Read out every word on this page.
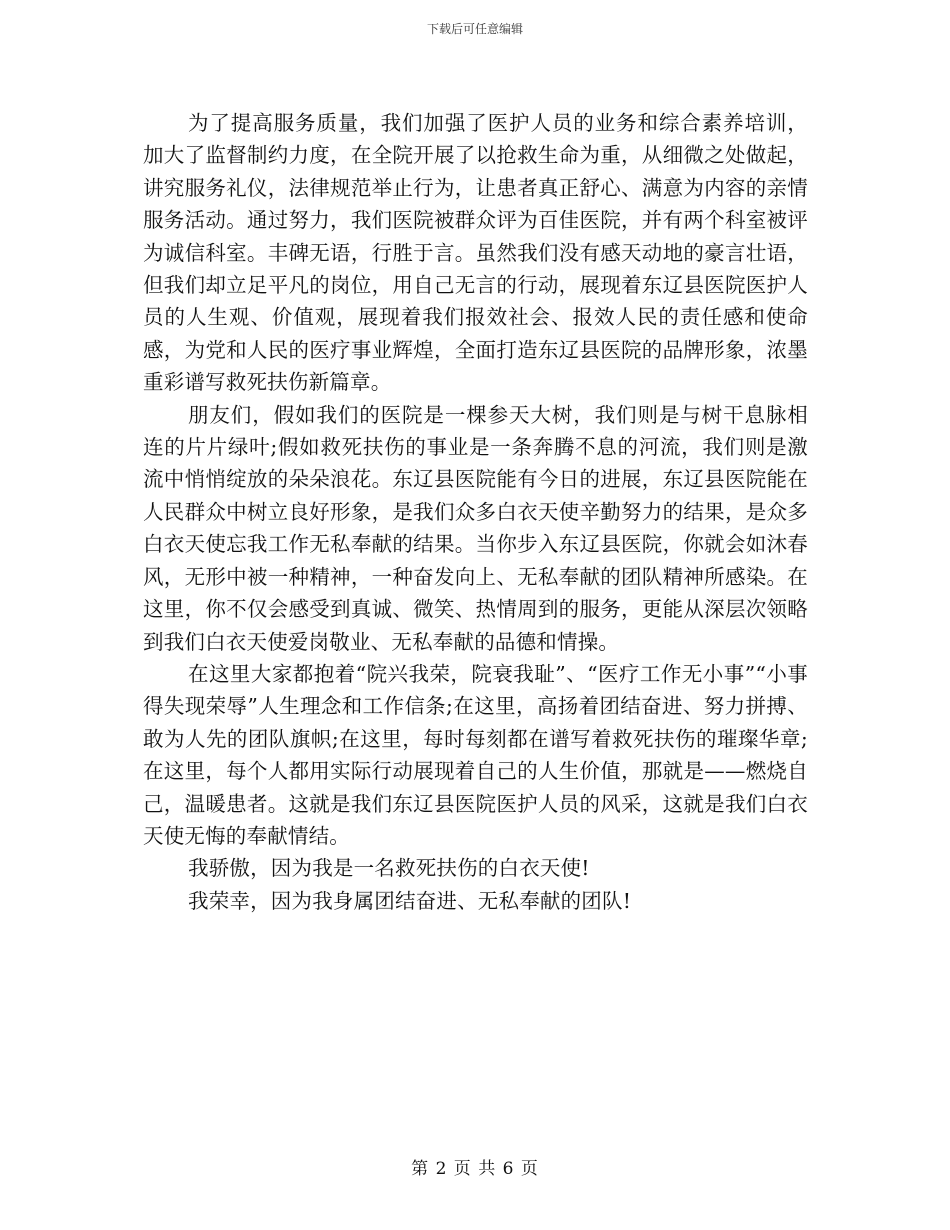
下载后可任意编辑

为了提高服务质量，我们加强了医护人员的业务和综合素养培训，加大了监督制约力度，在全院开展了以抢救生命为重，从细微之处做起，讲究服务礼仪，法律规范举止行为，让患者真正舒心、满意为内容的亲情服务活动。通过努力，我们医院被群众评为百佳医院，并有两个科室被评为诚信科室。丰碑无语，行胜于言。虽然我们没有感天动地的豪言壮语，但我们却立足平凡的岗位，用自己无言的行动，展现着东辽县医院医护人员的人生观、价值观，展现着我们报效社会、报效人民的责任感和使命感，为党和人民的医疗事业辉煌，全面打造东辽县医院的品牌形象，浓墨重彩谱写救死扶伤新篇章。

朋友们，假如我们的医院是一棵参天大树，我们则是与树干息脉相连的片片绿叶;假如救死扶伤的事业是一条奔腾不息的河流，我们则是激流中悄悄绽放的朵朵浪花。东辽县医院能有今日的进展，东辽县医院能在人民群众中树立良好形象，是我们众多白衣天使辛勤努力的结果，是众多白衣天使忘我工作无私奉献的结果。当你步入东辽县医院，你就会如沐春风，无形中被一种精神，一种奋发向上、无私奉献的团队精神所感染。在这里，你不仅会感受到真诚、微笑、热情周到的服务，更能从深层次领略到我们白衣天使爱岗敬业、无私奉献的品德和情操。

在这里大家都抱着“院兴我荣，院衰我耻”、“医疗工作无小事”“小事得失现荣辱”人生理念和工作信条;在这里，高扬着团结奋进、努力拼搏、敢为人先的团队旗帜;在这里，每时每刻都在谱写着救死扶伤的璀璨华章;在这里，每个人都用实际行动展现着自己的人生价值，那就是——燃烧自己，温暖患者。这就是我们东辽县医院医护人员的风采，这就是我们白衣天使无悔的奉献情结。

我骄傲，因为我是一名救死扶伤的白衣天使!

我荣幸，因为我身属团结奋进、无私奉献的团队!

第 2 页 共 6 页
